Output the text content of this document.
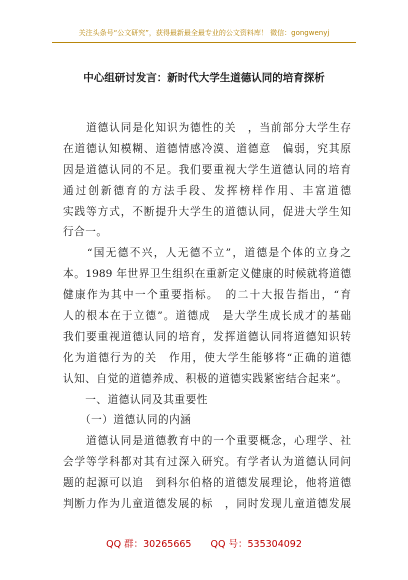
关注头条号“公文研究”，获得最新最全最专业的公文资料库！ 微信：gongwenyj
中心组研讨发言：新时代大学生道德认同的培育探析
　　道德认同是化知识为德性的关　，当前部分大学生存
在道德认知模糊、道德情感冷漠、道德意　偏弱，究其原
因是道德认同的不足。我们要重视大学生道德认同的培育
通过创新德育的方法手段、发挥榜样作用、丰富道德
实践等方式，不断提升大学生的道德认同，促进大学生知
行合一。
　　“国无德不兴，人无德不立”，道德是个体的立身之
本。1989 年世界卫生组织在重新定义健康的时候就将道德
健康作为其中一个重要指标。　的二十大报告指出，“育
人的根本在于立德”。道德成　是大学生成长成才的基础
我们要重视道德认同的培育，发挥道德认同将道德知识转
化为道德行为的关　作用，使大学生能够将“正确的道德
认知、自觉的道德养成、积极的道德实践紧密结合起来”。
　　一、道德认同及其重要性
　　（一）道德认同的内涵
　　道德认同是道德教育中的一个重要概念，心理学、社
会学等学科都对其有过深入研究。有学者认为道德认同问
题的起源可以追　到科尔伯格的道德发展理论，他将道德
判断力作为儿童道德发展的标　，同时发现儿童道德发展
QQ 群：30265665 QQ 号：535304092
